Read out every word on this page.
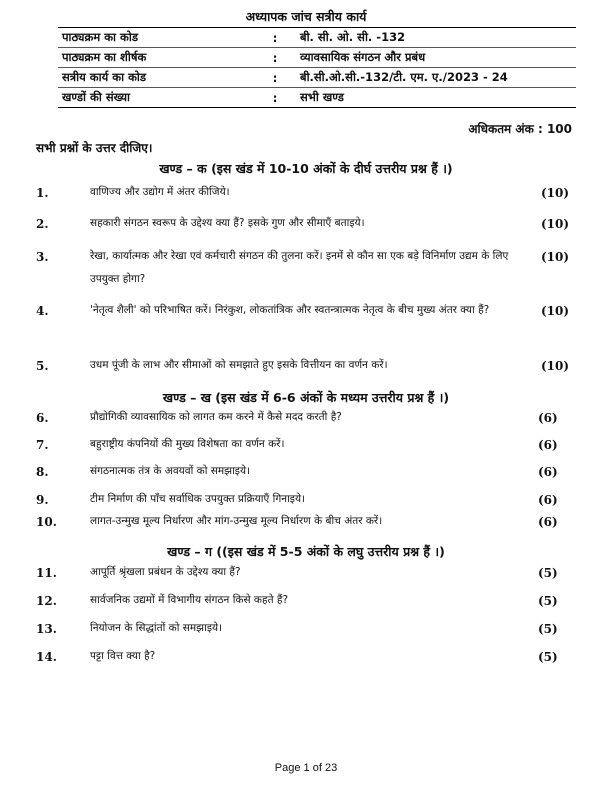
अध्यापक जांच सत्रीय कार्य
पाठ्यक्रम का कोड	:	बी. सी. ओ. सी. -132
पाठ्यक्रम का शीर्षक	:	व्यावसायिक संगठन और प्रबंध
सत्रीय कार्य का कोड	:	बी.सी.ओ.सी.-132/टी. एम. ए./2023 - 24
खण्डों की संख्या	:	सभी खण्ड
अधिकतम अंक : 100
सभी प्रश्नों के उत्तर दीजिए।
खण्ड – क (इस खंड में 10-10 अंकों के दीर्घ उत्तरीय प्रश्न हैं ।)
1.	वाणिज्य और उद्योग में अंतर कीजिये।	(10)
2.	सहकारी संगठन स्वरूप के उद्देश्य क्या हैं? इसके गुण और सीमाएँ बताइये।	(10)
3.	रेखा, कार्यात्मक और रेखा एवं कर्मचारी संगठन की तुलना करें। इनमें से कौन सा एक बड़े विनिर्माण उद्यम के लिए उपयुक्त होगा?
(10)
4.	'नेतृत्व शैली' को परिभाषित करें। निरंकुश, लोकतांत्रिक और स्वतन्त्रात्मक नेतृत्व के बीच मुख्य अंतर क्या हैं?	(10)
5.	उधम पूंजी के लाभ और सीमाओं को समझाते हुए इसके वित्तीयन का वर्णन करें।	(10)
खण्ड – ख (इस खंड में 6-6 अंकों के मध्यम उत्तरीय प्रश्न हैं ।)
6.	प्रौद्योगिकी व्यावसायिक को लागत कम करने में कैसे मदद करती है?	(6)
7.	बहुराष्ट्रीय कंपनियों की मुख्य विशेषता का वर्णन करें।	(6)
8.	संगठनात्मक तंत्र के अवयवों को समझाइये।	(6)
9.	टीम निर्माण की पाँच सर्वाधिक उपयुक्त प्रक्रियाएँ गिनाइये।	(6)
10.	लागत-उन्मुख मूल्य निर्धारण और मांग-उन्मुख मूल्य निर्धारण के बीच अंतर करें।	(6)
खण्ड – ग ((इस खंड में 5-5 अंकों के लघु उत्तरीय प्रश्न हैं ।)
11.	आपूर्ति श्रृंखला प्रबंधन के उद्देश्य क्या हैं?	(5)
12.	सार्वजनिक उद्यमों में विभागीय संगठन किसे कहते हैं?	(5)
13.	नियोजन के सिद्धांतों को समझाइये।	(5)
14.	पट्टा वित्त क्या है?	(5)
Page 1 of 23
